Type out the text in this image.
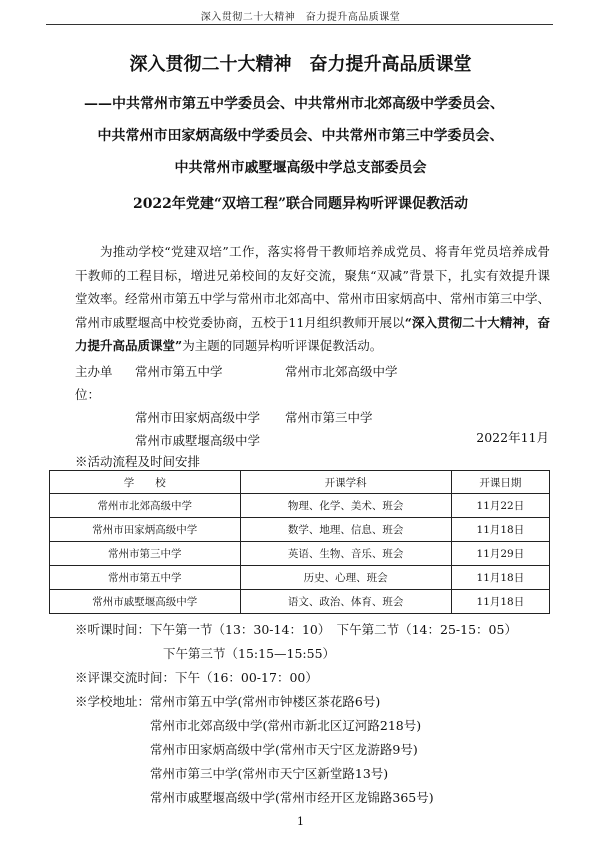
深入贯彻二十大精神　奋力提升高品质课堂
深入贯彻二十大精神　奋力提升高品质课堂
——中共常州市第五中学委员会、中共常州市北郊高级中学委员会、
中共常州市田家炳高级中学委员会、中共常州市第三中学委员会、
中共常州市戚墅堰高级中学总支部委员会
2022年党建“双培工程”联合同题异构听评课促教活动
为推动学校“党建双培”工作，落实将骨干教师培养成党员、将青年党员培养成骨干教师的工程目标，增进兄弟校间的友好交流，聚焦“双减”背景下，扎实有效提升课堂效率。经常州市第五中学与常州市北郊高中、常州市田家炳高中、常州市第三中学、常州市戚墅堰高中校党委协商，五校于11月组织教师开展以“深入贯彻二十大精神，奋力提升高品质课堂”为主题的同题异构听评课促教活动。
主办单位：
常州市第五中学	常州市北郊高级中学
常州市田家炳高级中学	常州市第三中学
常州市戚墅堰高级中学	2022年11月
※活动流程及时间安排
学　　校	开课学科	开课日期
常州市北郊高级中学	物理、化学、美术、班会	11月22日
常州市田家炳高级中学	数学、地理、信息、班会	11月18日
常州市第三中学	英语、生物、音乐、班会	11月29日
常州市第五中学	历史、心理、班会	11月18日
常州市戚墅堰高级中学	语文、政治、体育、班会	11月18日
※听课时间：下午第一节（13：30-14：10）　下午第二节（14：25-15：05）
下午第三节（15:15—15:55）
※评课交流时间：下午（16：00-17：00）
※学校地址： 常州市第五中学(常州市钟楼区茶花路6号)
常州市北郊高级中学(常州市新北区辽河路218号)
常州市田家炳高级中学(常州市天宁区龙游路9号)
常州市第三中学(常州市天宁区新堂路13号)
常州市戚墅堰高级中学(常州市经开区龙锦路365号)
1
